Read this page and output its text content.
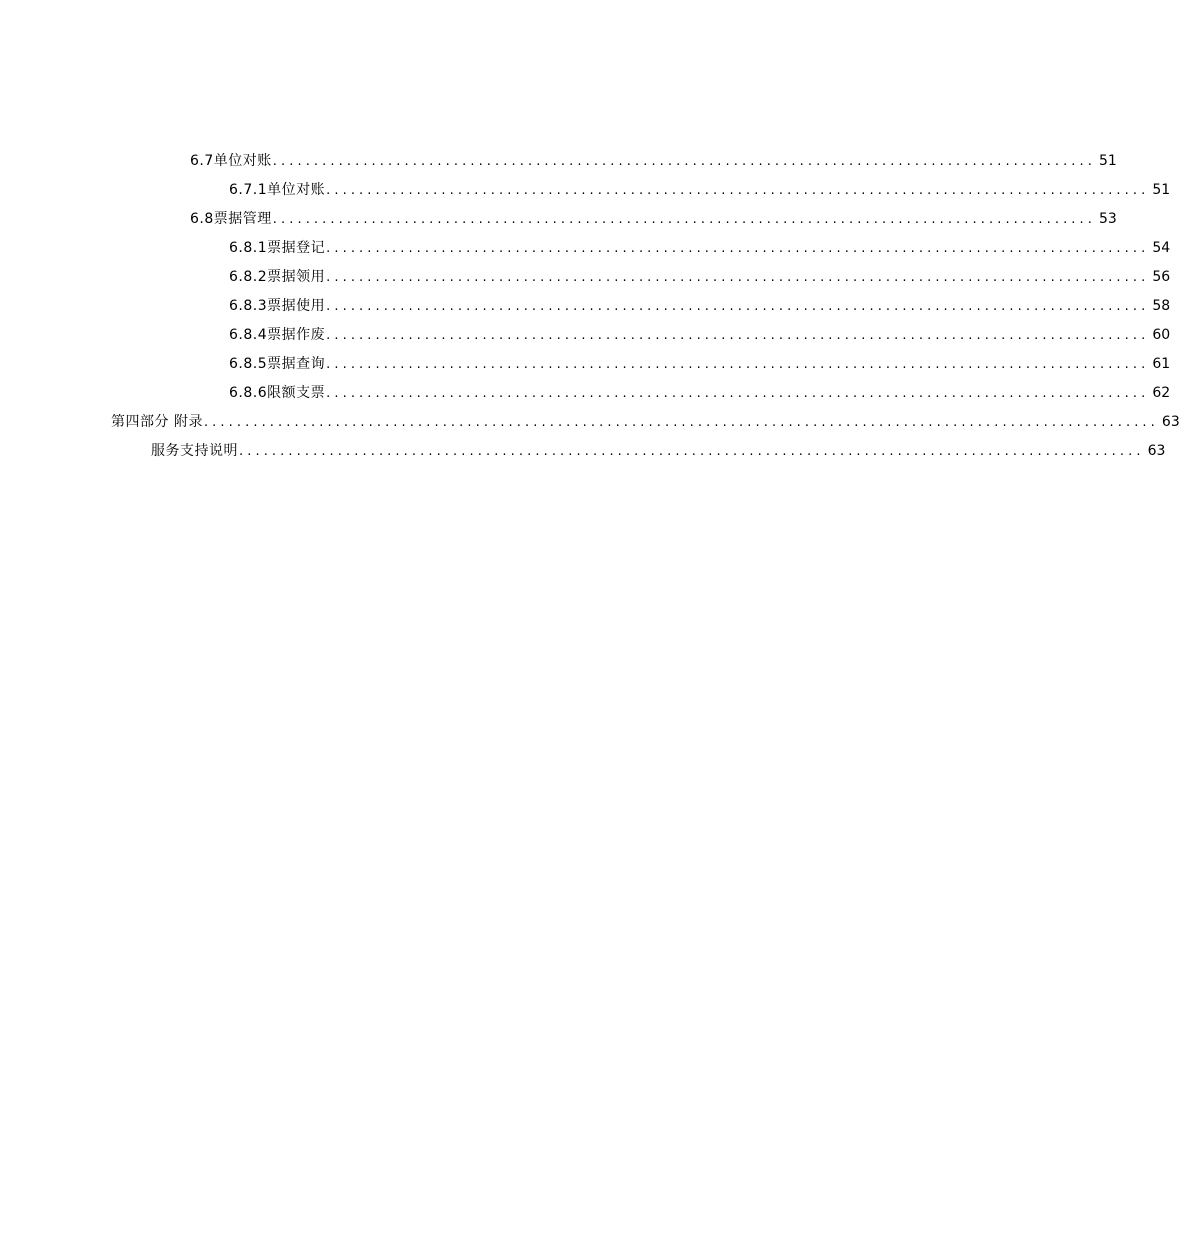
6.7单位对账 .................................................................................................... 51
6.7.1单位对账 .................................................................................................... 51
6.8票据管理 .................................................................................................... 53
6.8.1票据登记 .................................................................................................... 54
6.8.2票据领用 .................................................................................................... 56
6.8.3票据使用 .................................................................................................... 58
6.8.4票据作废 .................................................................................................... 60
6.8.5票据查询 .................................................................................................... 61
6.8.6限额支票 .................................................................................................... 62
第四部分 附录 .................................................................................................................... 63
服务支持说明 .............................................................................................................. 63
